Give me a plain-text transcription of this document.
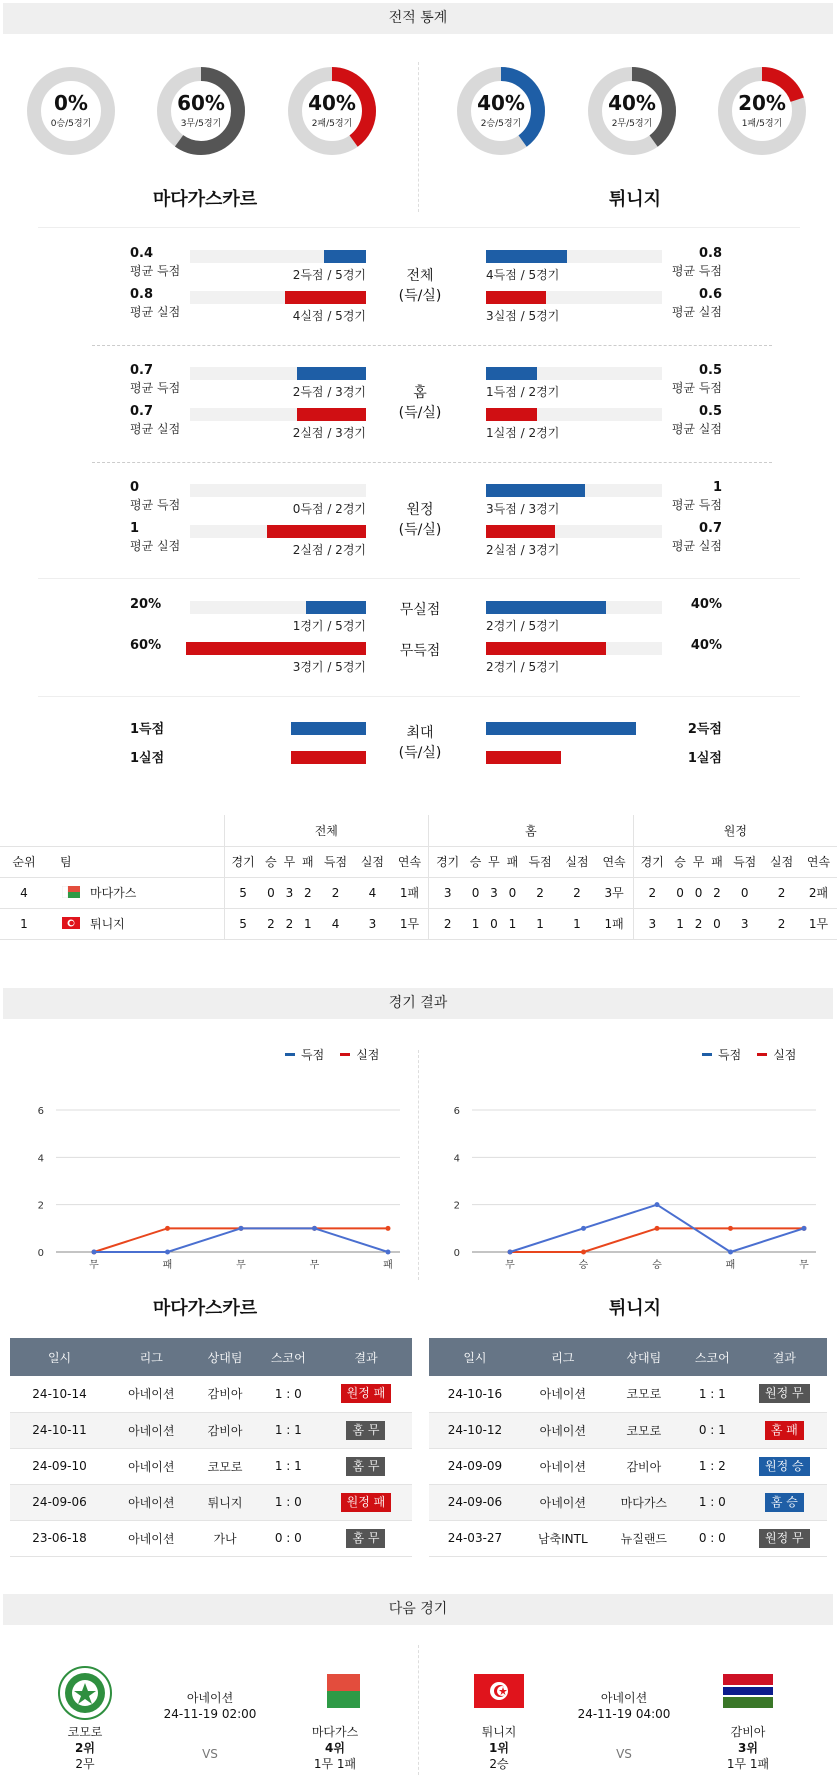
전적 통계
0%
0승/5경기
60%
3무/5경기
40%
2패/5경기
40%
2승/5경기
40%
2무/5경기
20%
1패/5경기
마다가스카르	튀니지
0.4
평균 득점	2득점 / 5경기	4득점 / 5경기
0.8
평균 득점
0.8
평균 실점	4실점 / 5경기	3실점 / 5경기
0.6
평균 실점
전체
(득/실)
0.7
평균 득점	2득점 / 3경기	1득점 / 2경기
0.5
평균 득점
0.7
평균 실점	2실점 / 3경기	1실점 / 2경기
0.5
평균 실점
홈
(득/실)
0
평균 득점	0득점 / 2경기	3득점 / 3경기
1
평균 득점
1
평균 실점	2실점 / 2경기	2실점 / 3경기
0.7
평균 실점
원정
(득/실)
20%
1경기 / 5경기	2경기 / 5경기
40%
무실점
60%
3경기 / 5경기	2경기 / 5경기
40%
무득점
1득점	2득점
1실점	1실점
최대
(득/실)
		전체							홈							원정						
순위	팀	경기	승	무	패	득점	실점	연속	경기	승	무	패	득점	실점	연속	경기	승	무	패	득점	실점	연속
4	마다가스	5	0	3	2	2	4	1패	3	0	3	0	2	2	3무	2	0	0	2	0	2	2패
1	튀니지	5	2	2	1	4	3	1무	2	1	0	1	1	1	1패	3	1	2	0	3	2	1무
경기 결과
득점	실점	득점	실점
0
2
4
6
무	패	무	무	패
0
2
4
6
무	승	승	패	무
마다가스카르	튀니지
일시	리그	상대팀	스코어	결과
24-10-14	아네이션	감비아	1 : 0	원정 패
24-10-11	아네이션	감비아	1 : 1	홈 무
24-09-10	아네이션	코모로	1 : 1	홈 무
24-09-06	아네이션	튀니지	1 : 0	원정 패
23-06-18	아네이션	가나	0 : 0	홈 무
일시	리그	상대팀	스코어	결과
24-10-16	아네이션	코모로	1 : 1	원정 무
24-10-12	아네이션	코모로	0 : 1	홈 패
24-09-09	아네이션	감비아	1 : 2	원정 승
24-09-06	아네이션	마다가스	1 : 0	홈 승
24-03-27	남축INTL	뉴질랜드	0 : 0	원정 무
다음 경기
코모로
2위
2무
아네이션
24-11-19 02:00
VS
마다가스
4위
1무 1패
튀니지
1위
2승
아네이션
24-11-19 04:00
VS
감비아
3위
1무 1패
